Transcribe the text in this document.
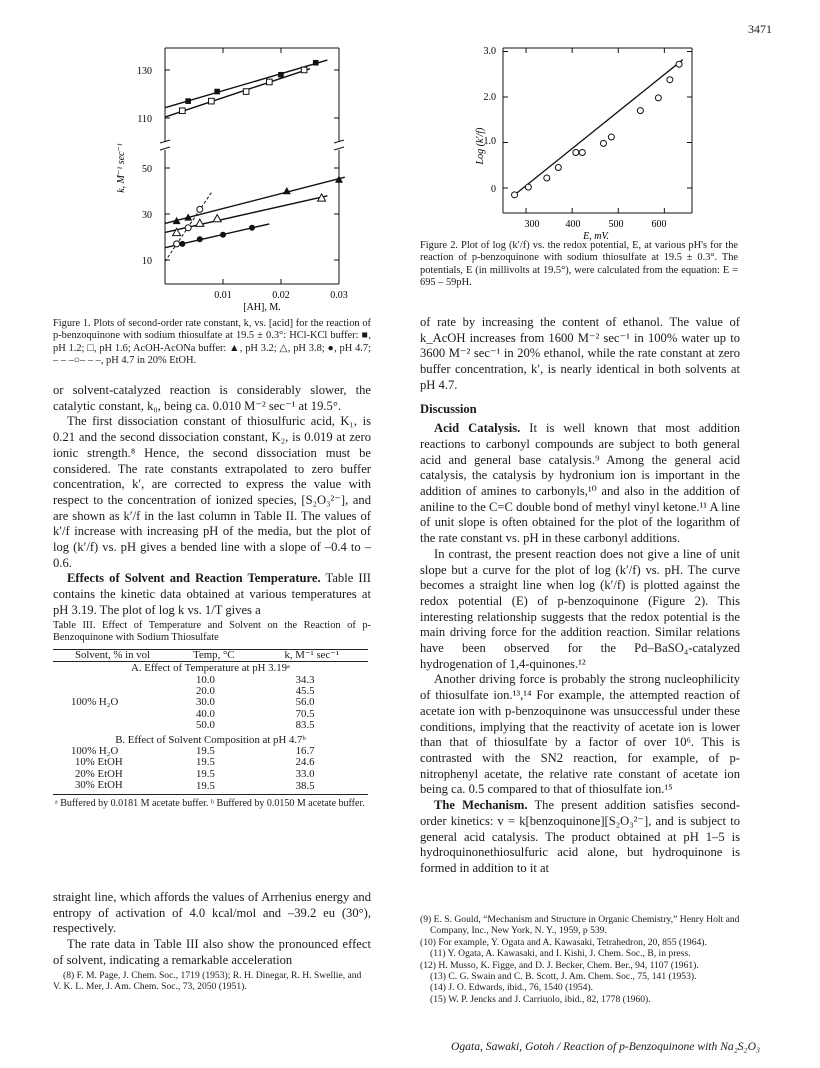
3471
130
110
50
30
10
0.01	0.02	0.03
[AH], M.
k, M⁻¹ sec⁻¹
Figure 1. Plots of second-order rate constant, k, vs. [acid] for the reaction of p-benzoquinone with sodium thiosulfate at 19.5 ± 0.3°: HCl-KCl buffer: ■, pH 1.2; □, pH 1.6; AcOH-AcONa buffer: ▲, pH 3.2; △, pH 3.8; ●, pH 4.7; – – –○– – –, pH 4.7 in 20% EtOH.
3.0
2.0
1.0
0
300	400	500	600
E, mV.
Log (k′/f)
Figure 2. Plot of log (k′/f) vs. the redox potential, E, at various pH's for the reaction of p-benzoquinone with sodium thiosulfate at 19.5 ± 0.3°. The potentials, E (in millivolts at 19.5°), were calculated from the equation: E = 695 – 59pH.

or solvent-catalyzed reaction is considerably slower, the catalytic constant, k₀, being ca. 0.010 M⁻² sec⁻¹ at 19.5°.

The first dissociation constant of thiosulfuric acid, K₁, is 0.21 and the second dissociation constant, K₂, is 0.019 at zero ionic strength.⁸ Hence, the second dissociation must be considered. The rate constants extrapolated to zero buffer concentration, k′, are corrected to express the value with respect to the concentration of ionized species, [S₂O₃²⁻], and are shown as k′/f in the last column in Table II. The values of k′/f increase with increasing pH of the media, but the plot of log (k′/f) vs. pH gives a bended line with a slope of –0.4 to –0.6.

Effects of Solvent and Reaction Temperature. Table III contains the kinetic data obtained at various temperatures at pH 3.19. The plot of log k vs. 1/T gives a

Table III. Effect of Temperature and Solvent on the Reaction of p-Benzoquinone with Sodium Thiosulfate
Solvent, % in vol	Temp, °C	k, M⁻¹ sec⁻¹
A. Effect of Temperature at pH 3.19ᵃ		
	10.0	34.3
	20.0	45.5
100% H₂O	30.0	56.0
	40.0	70.5
	50.0	83.5
B. Effect of Solvent Composition at pH 4.7ᵇ		
100% H₂O	19.5	16.7
10% EtOH	19.5	24.6
20% EtOH	19.5	33.0
30% EtOH	19.5	38.5
ᵃ Buffered by 0.0181 M acetate buffer. ᵇ Buffered by 0.0150 M acetate buffer.		

straight line, which affords the values of Arrhenius energy and entropy of activation of 4.0 kcal/mol and –39.2 eu (30°), respectively.

The rate data in Table III also show the pronounced effect of solvent, indicating a remarkable acceleration

(8) F. M. Page, J. Chem. Soc., 1719 (1953); R. H. Dinegar, R. H. Swellie, and V. K. L. Mer, J. Am. Chem. Soc., 73, 2050 (1951).

of rate by increasing the content of ethanol. The value of k_AcOH increases from 1600 M⁻² sec⁻¹ in 100% water up to 3600 M⁻² sec⁻¹ in 20% ethanol, while the rate constant at zero buffer concentration, k′, is nearly identical in both solvents at pH 4.7.

Discussion

Acid Catalysis. It is well known that most addition reactions to carbonyl compounds are subject to both general acid and general base catalysis.⁹ Among the general acid catalysis, the catalysis by hydronium ion is important in the addition of amines to carbonyls,¹⁰ and also in the addition of aniline to the C=C double bond of methyl vinyl ketone.¹¹ A line of unit slope is often obtained for the plot of the logarithm of the rate constant vs. pH in these carbonyl additions.

In contrast, the present reaction does not give a line of unit slope but a curve for the plot of log (k′/f) vs. pH. The curve becomes a straight line when log (k′/f) is plotted against the redox potential (E) of p-benzoquinone (Figure 2). This interesting relationship suggests that the redox potential is the main driving force for the addition reaction. Similar relations have been observed for the Pd–BaSO₄-catalyzed hydrogenation of 1,4-quinones.¹²

Another driving force is probably the strong nucleophilicity of thiosulfate ion.¹³,¹⁴ For example, the attempted reaction of acetate ion with p-benzoquinone was unsuccessful under these conditions, implying that the reactivity of acetate ion is lower than that of thiosulfate by a factor of over 10⁶. This is contrasted with the SN2 reaction, for example, of p-nitrophenyl acetate, the relative rate constant of acetate ion being ca. 0.5 compared to that of thiosulfate ion.¹⁵

The Mechanism. The present addition satisfies second-order kinetics: v = k[benzoquinone][S₂O₃²⁻], and is subject to general acid catalysis. The product obtained at pH 1–5 is hydroquinonethiosulfuric acid alone, but hydroquinone is formed in addition to it at

(9) E. S. Gould, “Mechanism and Structure in Organic Chemistry,” Henry Holt and Company, Inc., New York, N. Y., 1959, p 539.
(10) For example, Y. Ogata and A. Kawasaki, Tetrahedron, 20, 855 (1964).
(11) Y. Ogata, A. Kawasaki, and I. Kishi, J. Chem. Soc., B, in press.
(12) H. Musso, K. Figge, and D. J. Becker, Chem. Ber., 94, 1107 (1961).
(13) C. G. Swain and C. B. Scott, J. Am. Chem. Soc., 75, 141 (1953).
(14) J. O. Edwards, ibid., 76, 1540 (1954).
(15) W. P. Jencks and J. Carriuolo, ibid., 82, 1778 (1960).
Ogata, Sawaki, Gotoh / Reaction of p-Benzoquinone with Na₂S₂O₃
